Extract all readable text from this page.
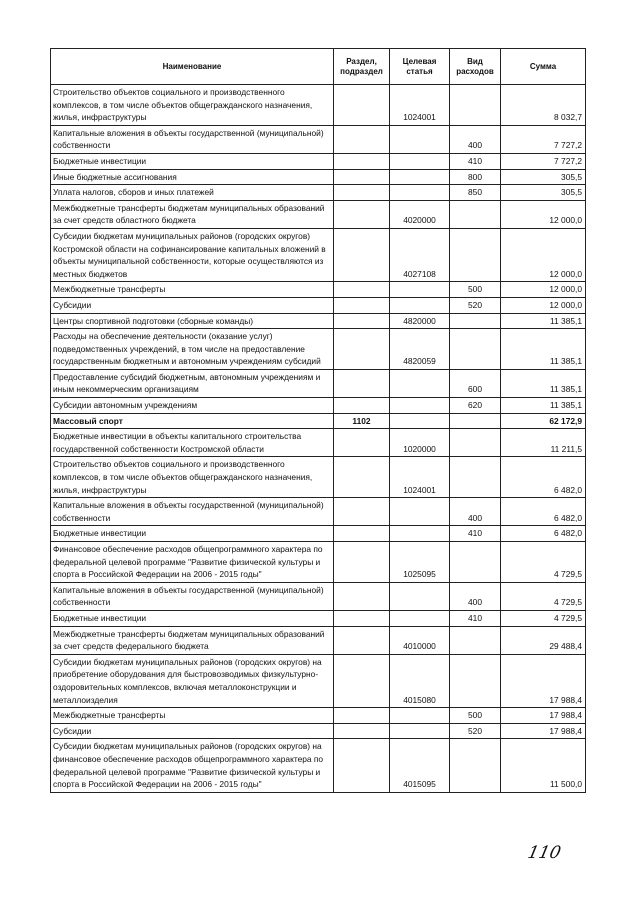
Наименование	Раздел, подраздел	Целевая статья	Вид расходов	Сумма
Строительство объектов социального и производственного комплексов, в том числе объектов общегражданского назначения, жилья, инфраструктуры		1024001		8 032,7
Капитальные вложения в объекты государственной (муниципальной) собственности			400	7 727,2
Бюджетные инвестиции			410	7 727,2
Иные бюджетные ассигнования			800	305,5
Уплата налогов, сборов и иных платежей			850	305,5
Межбюджетные трансферты бюджетам муниципальных образований за счет средств областного бюджета		4020000		12 000,0
Субсидии бюджетам муниципальных районов (городских округов) Костромской области на софинансирование капитальных вложений в объекты муниципальной собственности, которые осуществляются из местных бюджетов		4027108		12 000,0
Межбюджетные трансферты			500	12 000,0
Субсидии			520	12 000,0
Центры спортивной подготовки (сборные команды)		4820000		11 385,1
Расходы на обеспечение деятельности (оказание услуг) подведомственных учреждений, в том числе на предоставление государственным бюджетным и автономным учреждениям субсидий		4820059		11 385,1
Предоставление субсидий бюджетным, автономным учреждениям и иным некоммерческим организациям			600	11 385,1
Субсидии автономным учреждениям			620	11 385,1
Массовый спорт	1102			62 172,9
Бюджетные инвестиции в объекты капитального строительства государственной собственности Костромской области		1020000		11 211,5
Строительство объектов социального и производственного комплексов, в том числе объектов общегражданского назначения, жилья, инфраструктуры		1024001		6 482,0
Капитальные вложения в объекты государственной (муниципальной) собственности			400	6 482,0
Бюджетные инвестиции			410	6 482,0
Финансовое обеспечение расходов общепрограммного характера по федеральной целевой программе "Развитие физической культуры и спорта в Российской Федерации на 2006 - 2015 годы"		1025095		4 729,5
Капитальные вложения в объекты государственной (муниципальной) собственности			400	4 729,5
Бюджетные инвестиции			410	4 729,5
Межбюджетные трансферты бюджетам муниципальных образований за счет средств федерального бюджета		4010000		29 488,4
Субсидии бюджетам муниципальных районов (городских округов) на приобретение оборудования для быстровозводимых физкультурно-оздоровительных комплексов, включая металлоконструкции и металлоизделия		4015080		17 988,4
Межбюджетные трансферты			500	17 988,4
Субсидии			520	17 988,4
Субсидии бюджетам муниципальных районов (городских округов) на финансовое обеспечение расходов общепрограммного характера по федеральной целевой программе "Развитие физической культуры и спорта в Российской Федерации на 2006 - 2015 годы"		4015095		11 500,0
110
